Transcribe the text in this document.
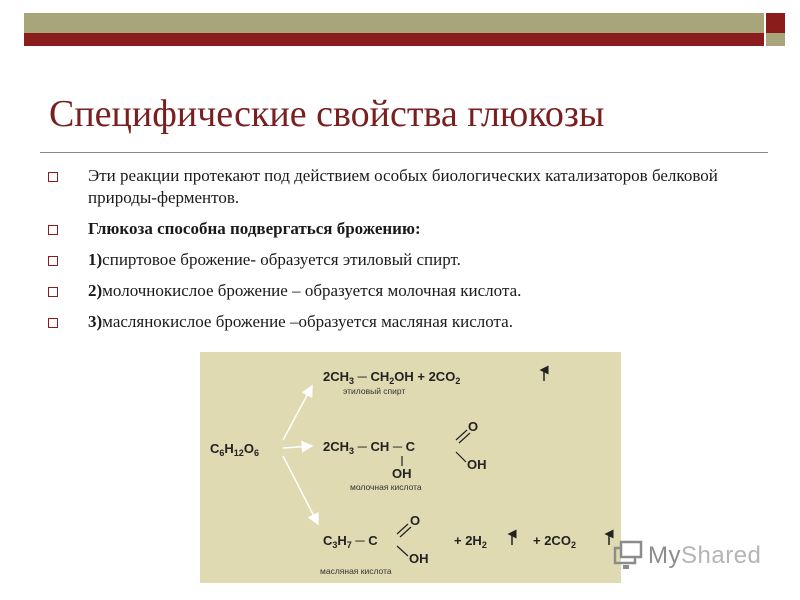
Специфические свойства глюкозы
Эти реакции протекают под действием особых биологических катализаторов белковой природы-ферментов.
Глюкоза способна подвергаться брожению:
1)спиртовое брожение- образуется этиловый спирт.
2)молочнокислое брожение – образуется молочная кислота.
3)маслянокислое брожение –образуется масляная кислота.
$C_6H_{12}O_6$
$2CH_3$ ─ $CH_2OH + 2CO_2$
этиловый спирт
$2CH_3$ ─ CH ─ C
OH
O
OH
молочная кислота
$C_3H_7$ ─ C
O
OH
+ $2H_2$	+ $2CO_2$
масляная кислота
MyShared
